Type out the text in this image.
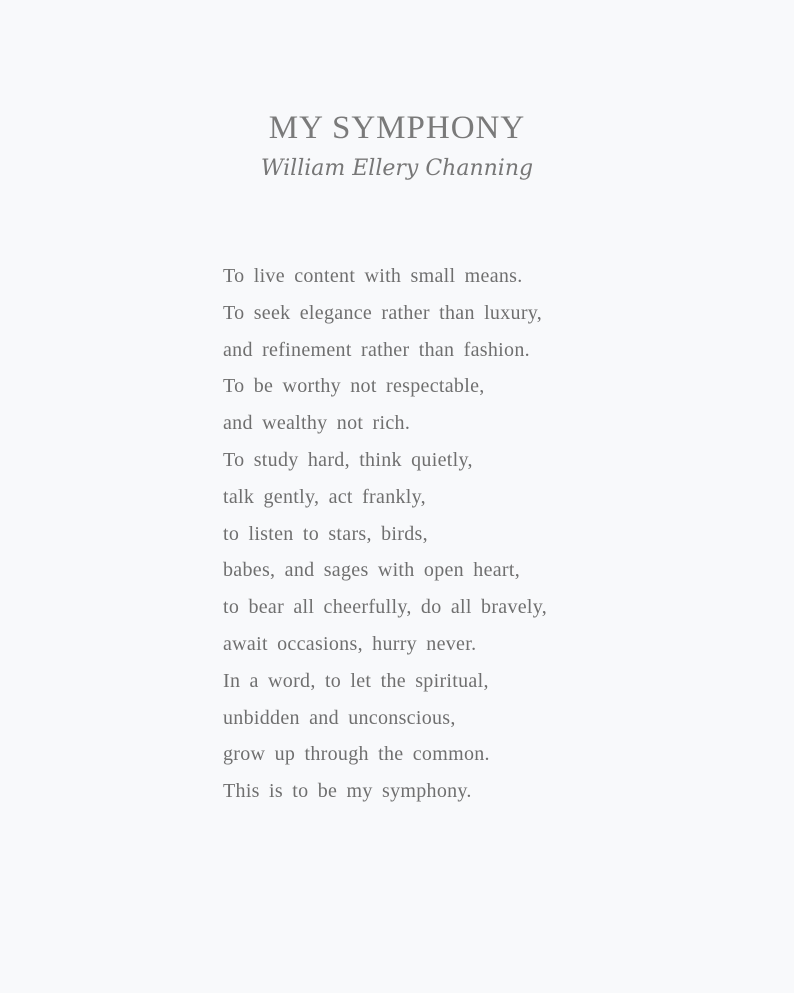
MY SYMPHONY
William Ellery Channing
To live content with small means.
To seek elegance rather than luxury,
and refinement rather than fashion.
To be worthy not respectable,
and wealthy not rich.
To study hard, think quietly,
talk gently, act frankly,
to listen to stars, birds,
babes, and sages with open heart,
to bear all cheerfully, do all bravely,
await occasions, hurry never.
In a word, to let the spiritual,
unbidden and unconscious,
grow up through the common.
This is to be my symphony.
